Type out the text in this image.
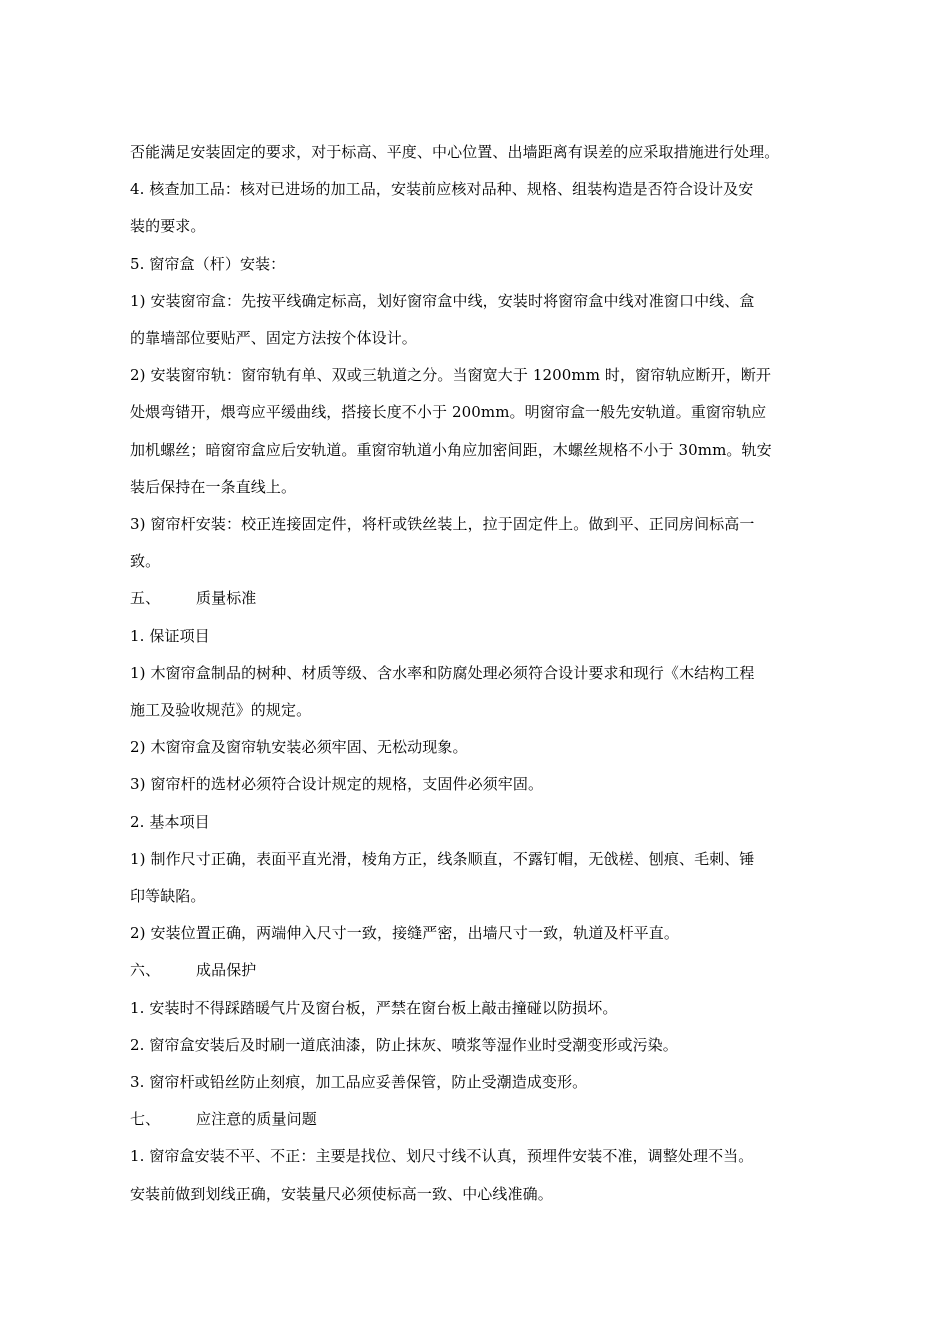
否能满足安装固定的要求，对于标高、平度、中心位置、出墙距离有误差的应采取措施进行处理。

4. 核查加工品：核对已进场的加工品，安装前应核对品种、规格、组装构造是否符合设计及安

装的要求。

5. 窗帘盒（杆）安装：

1) 安装窗帘盒：先按平线确定标高，划好窗帘盒中线，安装时将窗帘盒中线对准窗口中线、盒

的靠墙部位要贴严、固定方法按个体设计。

2) 安装窗帘轨：窗帘轨有单、双或三轨道之分。当窗宽大于 1200mm 时，窗帘轨应断开，断开

处煨弯错开，煨弯应平缓曲线，搭接长度不小于 200mm。明窗帘盒一般先安轨道。重窗帘轨应

加机螺丝；暗窗帘盒应后安轨道。重窗帘轨道小角应加密间距，木螺丝规格不小于 30mm。轨安

装后保持在一条直线上。

3) 窗帘杆安装：校正连接固定件，将杆或铁丝装上，拉于固定件上。做到平、正同房间标高一

致。

五、 质量标准

1. 保证项目

1) 木窗帘盒制品的树种、材质等级、含水率和防腐处理必须符合设计要求和现行《木结构工程

施工及验收规范》的规定。

2) 木窗帘盒及窗帘轨安装必须牢固、无松动现象。

3) 窗帘杆的选材必须符合设计规定的规格，支固件必须牢固。

2. 基本项目

1) 制作尺寸正确，表面平直光滑，棱角方正，线条顺直，不露钉帽，无戗槎、刨痕、毛刺、锤

印等缺陷。

2) 安装位置正确，两端伸入尺寸一致，接缝严密，出墙尺寸一致，轨道及杆平直。

六、 成品保护

1. 安装时不得踩踏暖气片及窗台板，严禁在窗台板上敲击撞碰以防损坏。

2. 窗帘盒安装后及时刷一道底油漆，防止抹灰、喷浆等湿作业时受潮变形或污染。

3. 窗帘杆或铅丝防止刻痕，加工品应妥善保管，防止受潮造成变形。

七、 应注意的质量问题

1. 窗帘盒安装不平、不正：主要是找位、划尺寸线不认真，预埋件安装不准，调整处理不当。

安装前做到划线正确，安装量尺必须使标高一致、中心线准确。
